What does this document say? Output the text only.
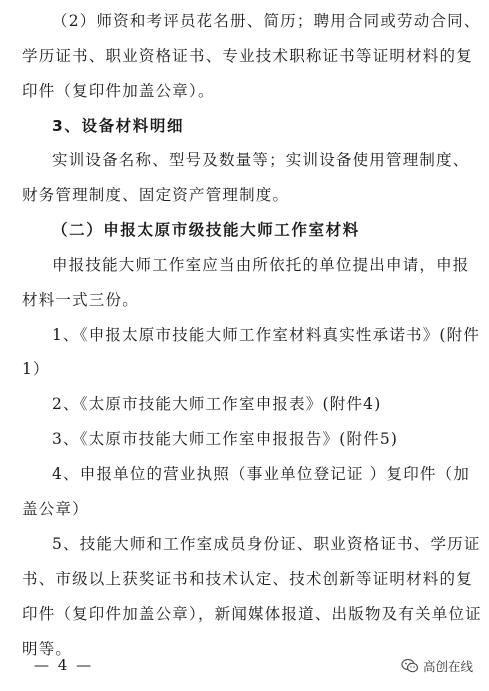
（2）师资和考评员花名册、简历；聘用合同或劳动合同、
学历证书、职业资格证书、专业技术职称证书等证明材料的复
印件（复印件加盖公章）。
3、设备材料明细
实训设备名称、型号及数量等；实训设备使用管理制度、
财务管理制度、固定资产管理制度。
（二）申报太原市级技能大师工作室材料
申报技能大师工作室应当由所依托的单位提出申请，申报
材料一式三份。
1、《申报太原市技能大师工作室材料真实性承诺书》(附件
1）
2、《太原市技能大师工作室申报表》(附件4)
3、《太原市技能大师工作室申报报告》(附件5)
4、申报单位的营业执照（事业单位登记证 ）复印件（加
盖公章）
5、技能大师和工作室成员身份证、职业资格证书、学历证
书、市级以上获奖证书和技术认定、技术创新等证明材料的复
印件（复印件加盖公章），新闻媒体报道、出版物及有关单位证
明等。
— 4 —	高创在线
